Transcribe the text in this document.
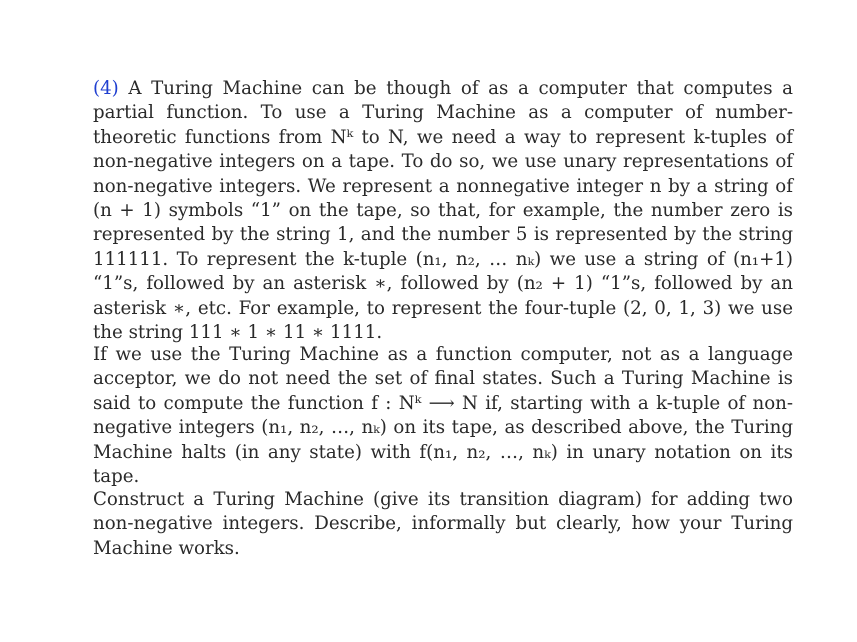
(4) A Turing Machine can be though of as a computer that computes a partial function. To use a Turing Machine as a computer of number-theoretic functions from Nᵏ to N, we need a way to represent k-tuples of non-negative integers on a tape. To do so, we use unary representations of non-negative integers. We represent a nonnegative integer n by a string of (n + 1) symbols “1” on the tape, so that, for example, the number zero is represented by the string 1, and the number 5 is represented by the string 111111. To represent the k-tuple (n₁, n₂, … nₖ) we use a string of (n₁+1) “1”s, followed by an asterisk ∗, followed by (n₂ + 1) “1”s, followed by an asterisk ∗, etc. For example, to represent the four-tuple (2, 0, 1, 3) we use the string 111 ∗ 1 ∗ 11 ∗ 1111.

If we use the Turing Machine as a function computer, not as a language acceptor, we do not need the set of final states. Such a Turing Machine is said to compute the function f : Nᵏ ⟶ N if, starting with a k-tuple of non-negative integers (n₁, n₂, …, nₖ) on its tape, as described above, the Turing Machine halts (in any state) with f(n₁, n₂, …, nₖ) in unary notation on its tape.

Construct a Turing Machine (give its transition diagram) for adding two non-negative integers. Describe, informally but clearly, how your Turing Machine works.
